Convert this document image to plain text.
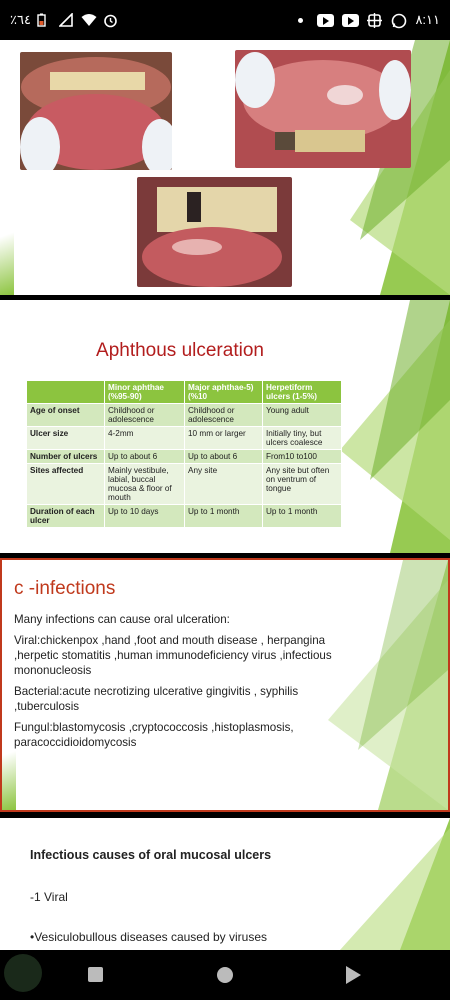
٪٦٤	٨:١١
Aphthous ulceration
	Minor aphthae (%95-90)	Major aphthae-5) (%10	Herpetiform ulcers (1-5%)
Age of onset	Childhood or adolescence	Childhood or adolescence	Young adult
Ulcer size	4-2mm	10 mm or larger	Initially tiny, but ulcers coalesce
Number of ulcers	Up to about 6	Up to about 6	From10 to100
Sites affected	Mainly vestibule, labial, buccal mucosa & floor of mouth	Any site	Any site but often on ventrum of tongue
Duration of each ulcer	Up to 10 days	Up to 1 month	Up to 1 month
c -infections

Many infections can cause oral ulceration:

Viral:chickenpox ,hand ,foot and mouth disease , herpangina ,herpetic stomatitis ,human immunodeficiency virus ,infectious mononucleosis

Bacterial:acute necrotizing ulcerative gingivitis , syphilis ,tuberculosis

Fungul:blastomycosis ,cryptococcosis ,histoplasmosis, paracoccidioidomycosis

Infectious causes of oral mucosal ulcers
-1 Viral
•Vesiculobullous diseases caused by viruses
